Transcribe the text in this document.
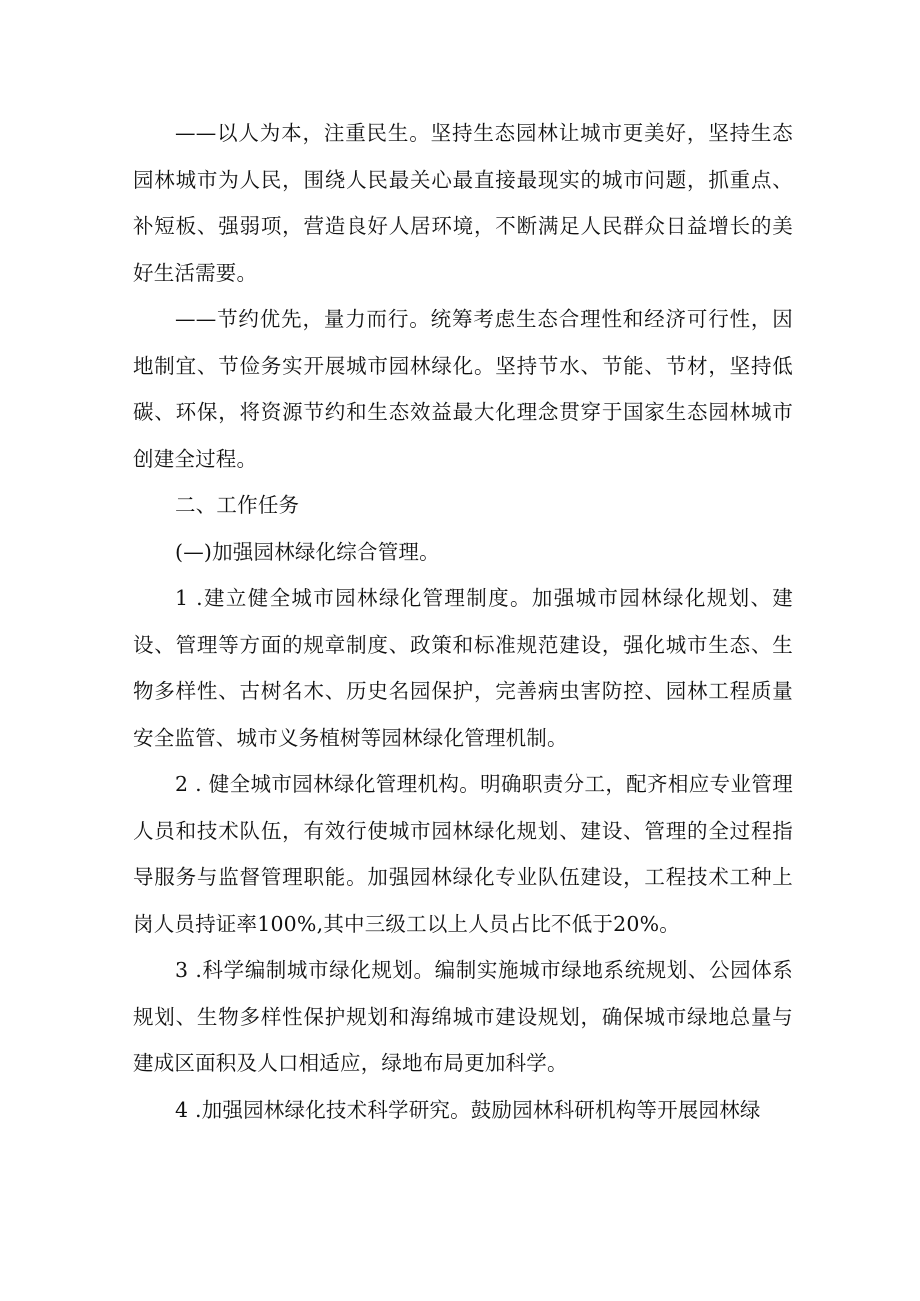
——以人为本，注重民生。坚持生态园林让城市更美好，坚持生态园林城市为人民，围绕人民最关心最直接最现实的城市问题，抓重点、补短板、强弱项，营造良好人居环境，不断满足人民群众日益增长的美好生活需要。

——节约优先，量力而行。统筹考虑生态合理性和经济可行性，因地制宜、节俭务实开展城市园林绿化。坚持节水、节能、节材，坚持低碳、环保，将资源节约和生态效益最大化理念贯穿于国家生态园林城市创建全过程。

二、工作任务

(—)加强园林绿化综合管理。

1 .建立健全城市园林绿化管理制度。加强城市园林绿化规划、建设、管理等方面的规章制度、政策和标准规范建设，强化城市生态、生物多样性、古树名木、历史名园保护，完善病虫害防控、园林工程质量安全监管、城市义务植树等园林绿化管理机制。

2 . 健全城市园林绿化管理机构。明确职责分工，配齐相应专业管理人员和技术队伍，有效行使城市园林绿化规划、建设、管理的全过程指导服务与监督管理职能。加强园林绿化专业队伍建设，工程技术工种上岗人员持证率100%,其中三级工以上人员占比不低于20%。

3 .科学编制城市绿化规划。编制实施城市绿地系统规划、公园体系规划、生物多样性保护规划和海绵城市建设规划，确保城市绿地总量与建成区面积及人口相适应，绿地布局更加科学。

4 .加强园林绿化技术科学研究。鼓励园林科研机构等开展园林绿
